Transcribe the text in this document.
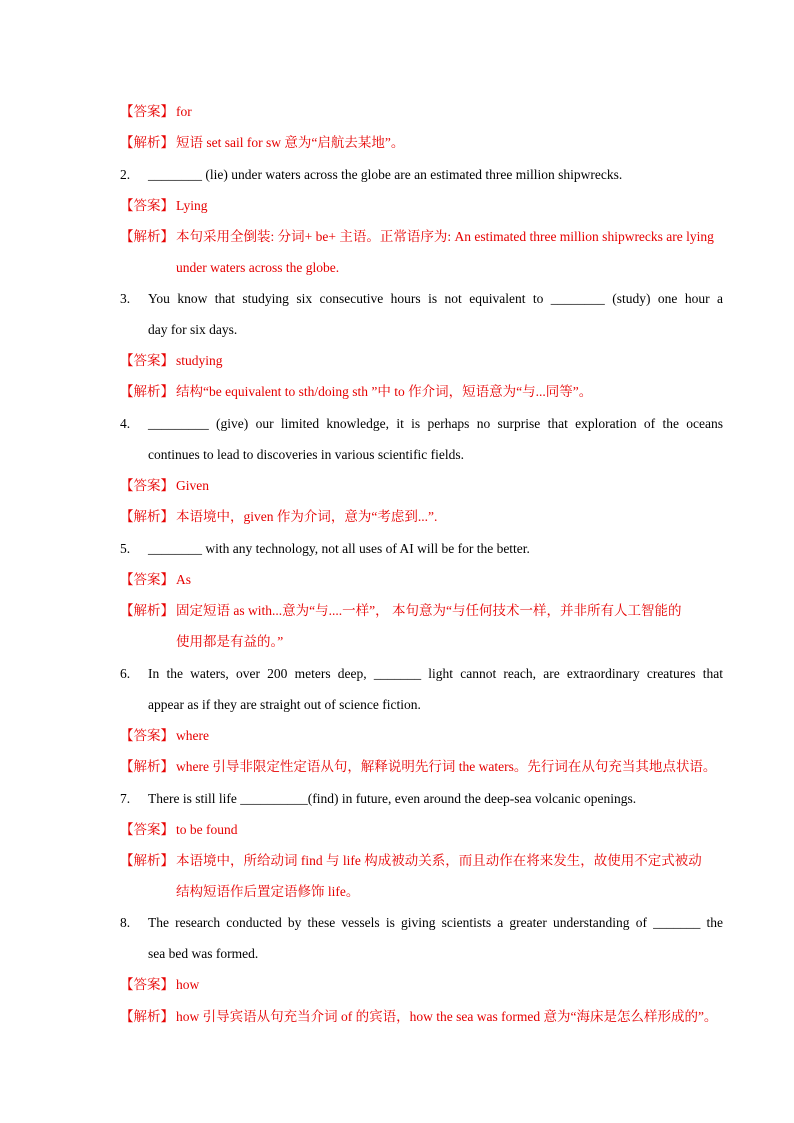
【答案】 for
【解析】 短语 set sail for sw 意为“启航去某地”。
2. ________ (lie) under waters across the globe are an estimated three million shipwrecks.
【答案】 Lying
【解析】 本句采用全倒装: 分词+ be+ 主语。正常语序为: An estimated three million shipwrecks are lying
under waters across the globe.
3. You know that studying six consecutive hours is not equivalent to ________ (study) one hour a
day for six days.
【答案】 studying
【解析】 结构“be equivalent to sth/doing sth ”中 to 作介词，短语意为“与...同等”。
4. _________ (give) our limited knowledge, it is perhaps no surprise that exploration of the oceans
continues to lead to discoveries in various scientific fields.
【答案】 Given
【解析】 本语境中，given 作为介词，意为“考虑到...”.
5. ________ with any technology, not all uses of AI will be for the better.
【答案】 As
【解析】 固定短语 as with...意为“与....一样”， 本句意为“与任何技术一样，并非所有人工智能的
使用都是有益的。”
6. In the waters, over 200 meters deep, _______ light cannot reach, are extraordinary creatures that
appear as if they are straight out of science fiction.
【答案】 where
【解析】 where 引导非限定性定语从句，解释说明先行词 the waters。先行词在从句充当其地点状语。
7. There is still life __________(find) in future, even around the deep-sea volcanic openings.
【答案】 to be found
【解析】 本语境中，所给动词 find 与 life 构成被动关系，而且动作在将来发生，故使用不定式被动
结构短语作后置定语修饰 life。
8. The research conducted by these vessels is giving scientists a greater understanding of _______ the
sea bed was formed.
【答案】 how
【解析】 how 引导宾语从句充当介词 of 的宾语，how the sea was formed 意为“海床是怎么样形成的”。
